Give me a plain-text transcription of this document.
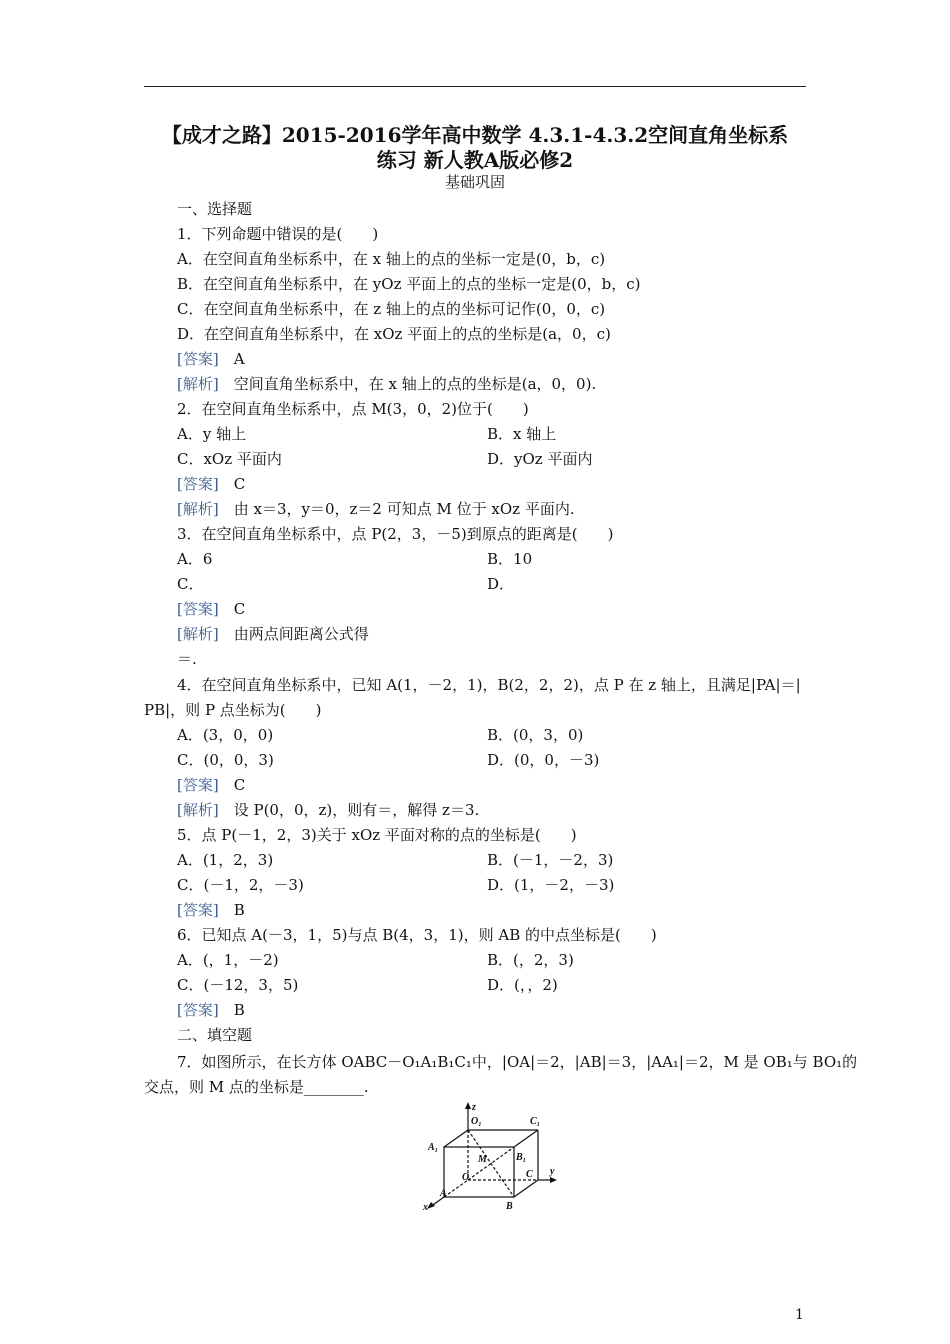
【成才之路】2015-2016学年高中数学 4.3.1-4.3.2空间直角坐标系
练习 新人教A版必修2
基础巩固
一、选择题
1．下列命题中错误的是(　　)
A．在空间直角坐标系中，在 x 轴上的点的坐标一定是(0，b，c)
B．在空间直角坐标系中，在 yOz 平面上的点的坐标一定是(0，b，c)
C．在空间直角坐标系中，在 z 轴上的点的坐标可记作(0，0，c)
D．在空间直角坐标系中，在 xOz 平面上的点的坐标是(a，0，c)
[答案]　A
[解析]　空间直角坐标系中，在 x 轴上的点的坐标是(a，0，0).
2．在空间直角坐标系中，点 M(3，0，2)位于(　　)
A．y 轴上	B．x 轴上
C．xOz 平面内	D．yOz 平面内
[答案]　C
[解析]　由 x＝3，y＝0，z＝2 可知点 M 位于 xOz 平面内.
3．在空间直角坐标系中，点 P(2，3，－5)到原点的距离是(　　)
A．6	B．10
C．	D．
[答案]　C
[解析]　由两点间距离公式得
＝.
4．在空间直角坐标系中，已知 A(1，－2，1)，B(2，2，2)，点 P 在 z 轴上，且满足|PA|＝|
PB|，则 P 点坐标为(　　)
A．(3，0，0)	B．(0，3，0)
C．(0，0，3)	D．(0，0，－3)
[答案]　C
[解析]　设 P(0，0，z)，则有＝，解得 z＝3.
5．点 P(－1，2，3)关于 xOz 平面对称的点的坐标是(　　)
A．(1，2，3)	B．(－1，－2，3)
C．(－1，2，－3)	D．(1，－2，－3)
[答案]　B
6．已知点 A(－3，1，5)与点 B(4，3，1)，则 AB 的中点坐标是(　　)
A．(，1，－2)	B．(，2，3)
C．(－12，3，5)	D．(，，2)
[答案]　B
二、填空题
7．如图所示，在长方体 OABC－O₁A₁B₁C₁中，|OA|＝2，|AB|＝3，|AA₁|＝2，M 是 OB₁与 BO₁的
交点，则 M 点的坐标是________.
z
O₁	C₁
A₁
M	B₁
C y
O
A
B
x
1
